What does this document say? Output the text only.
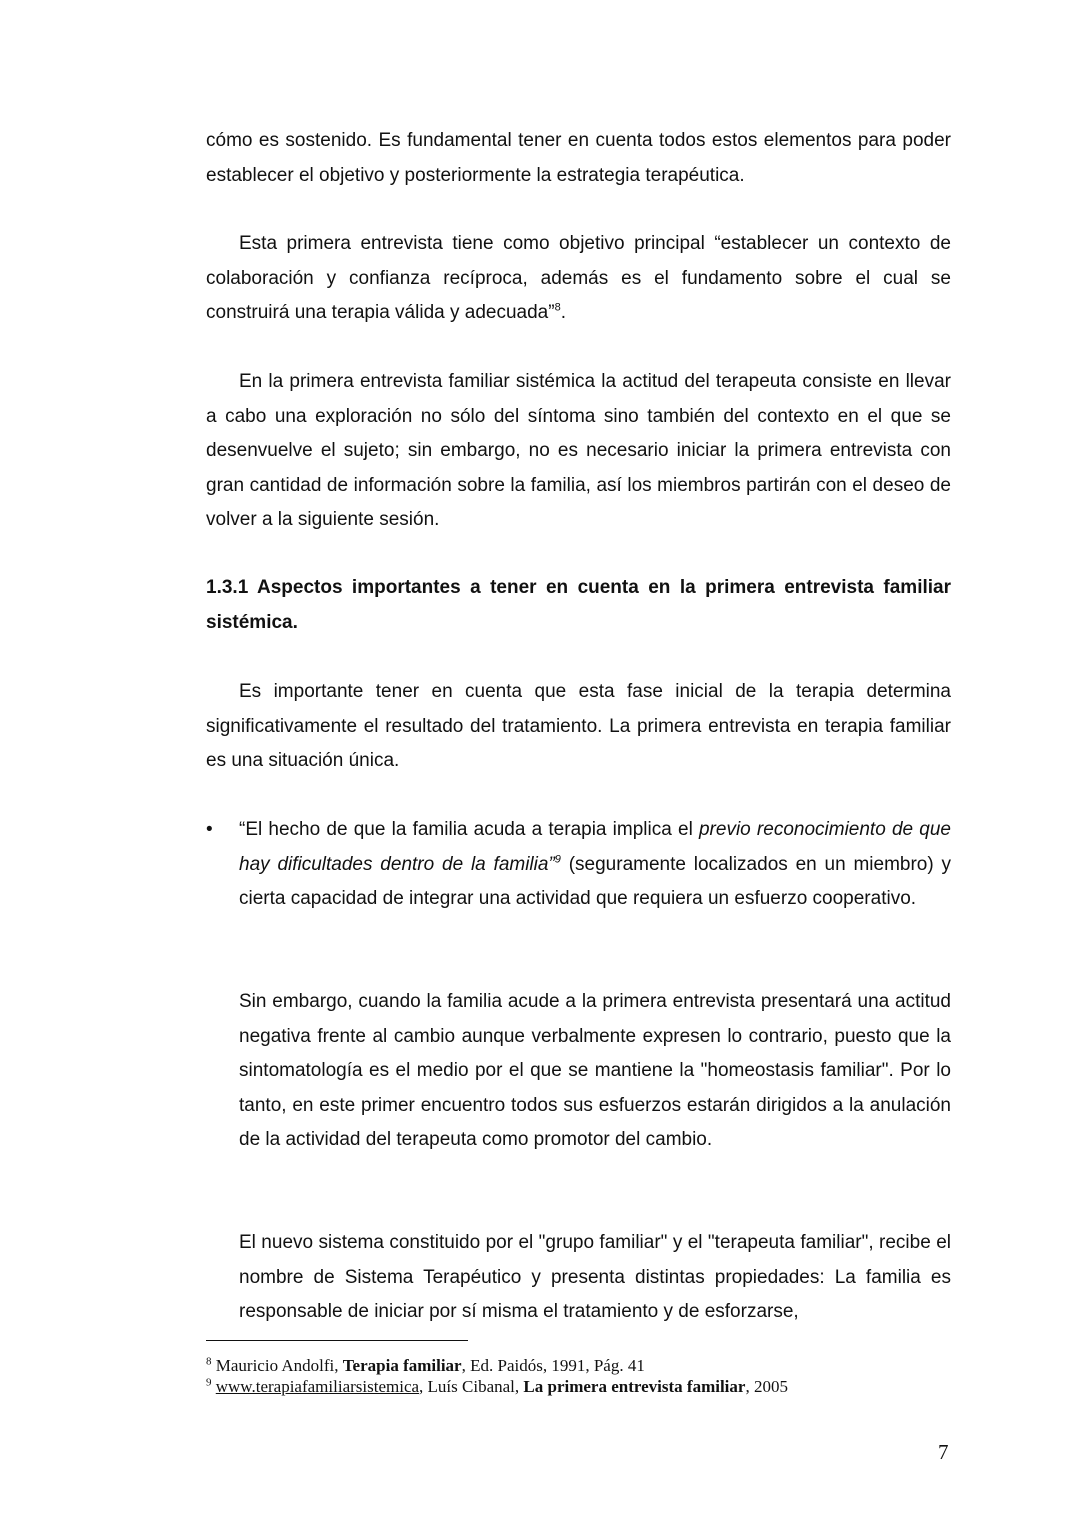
cómo es sostenido. Es fundamental tener en cuenta todos estos elementos para poder establecer el objetivo y posteriormente la estrategia terapéutica.

Esta primera entrevista tiene como objetivo principal “establecer un contexto de colaboración y confianza recíproca, además es el fundamento sobre el cual se construirá una terapia válida y adecuada”$^8$.

En la primera entrevista familiar sistémica la actitud del terapeuta consiste en llevar a cabo una exploración no sólo del síntoma sino también del contexto en el que se desenvuelve el sujeto; sin embargo, no es necesario iniciar la primera entrevista con gran cantidad de información sobre la familia, así los miembros partirán con el deseo de volver a la siguiente sesión.

1.3.1 Aspectos importantes a tener en cuenta en la primera entrevista familiar sistémica.

Es importante tener en cuenta que esta fase inicial de la terapia determina significativamente el resultado del tratamiento. La primera entrevista en terapia familiar es una situación única.

•	“El hecho de que la familia acuda a terapia implica el previo reconocimiento de que hay dificultades dentro de la familia”$^9$ (seguramente localizados en un miembro) y cierta capacidad de integrar una actividad que requiera un esfuerzo cooperativo.

Sin embargo, cuando la familia acude a la primera entrevista presentará una actitud negativa frente al cambio aunque verbalmente expresen lo contrario, puesto que la sintomatología es el medio por el que se mantiene la "homeostasis familiar". Por lo tanto, en este primer encuentro todos sus esfuerzos estarán dirigidos a la anulación de la actividad del terapeuta como promotor del cambio.

El nuevo sistema constituido por el "grupo familiar" y el "terapeuta familiar", recibe el nombre de Sistema Terapéutico y presenta distintas propiedades: La familia es responsable de iniciar por sí misma el tratamiento y de esforzarse,

$^8$ Mauricio Andolfi, Terapia familiar, Ed. Paidós, 1991, Pág. 41
$^9$ www.terapiafamiliarsistemica, Luís Cibanal, La primera entrevista familiar, 2005
7
